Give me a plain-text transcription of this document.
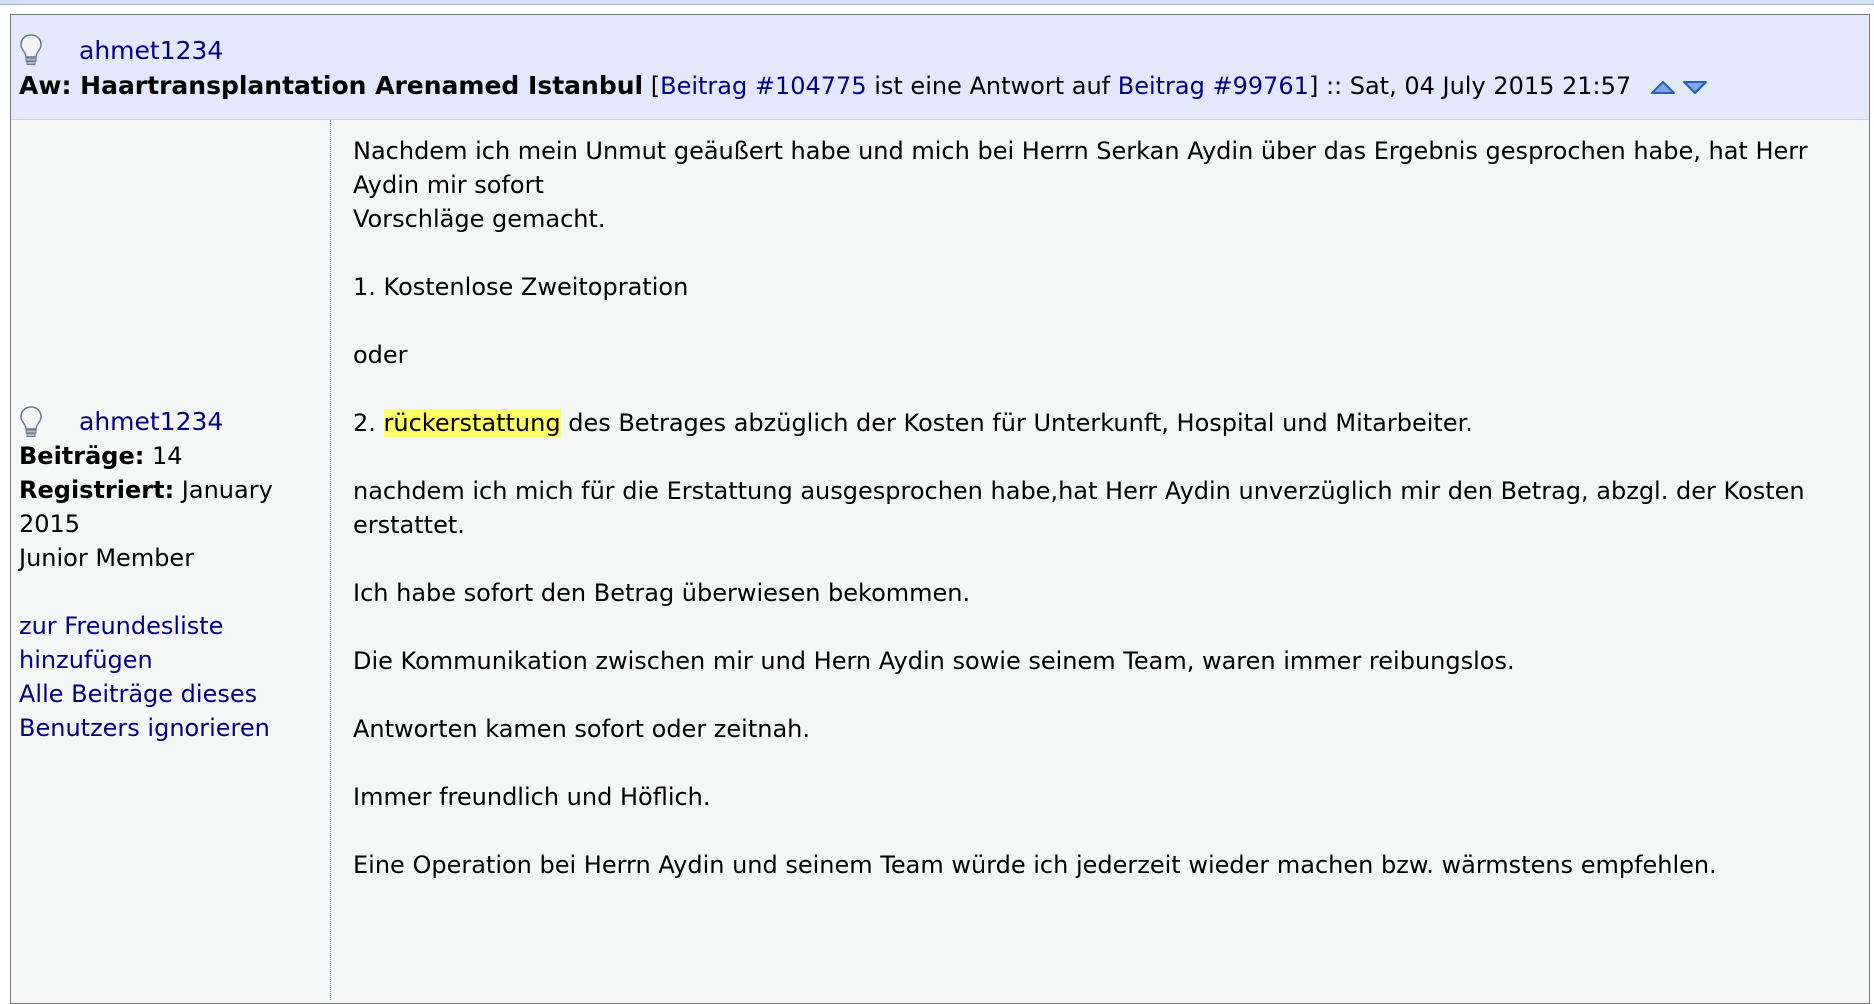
ahmet1234
Aw: Haartransplantation Arenamed Istanbul [Beitrag #104775 ist eine Antwort auf Beitrag #99761] :: Sat, 04 July 2015 21:57
ahmet1234
Beiträge: 14
Registriert: January 2015
Junior Member
zur Freundesliste hinzufügen
Alle Beiträge dieses Benutzers ignorieren

Nachdem ich mein Unmut geäußert habe und mich bei Herrn Serkan Aydin über das Ergebnis gesprochen habe, hat Herr Aydin mir sofort
Vorschläge gemacht.

1. Kostenlose Zweitopration

oder

2. rückerstattung des Betrages abzüglich der Kosten für Unterkunft, Hospital und Mitarbeiter.

nachdem ich mich für die Erstattung ausgesprochen habe,hat Herr Aydin unverzüglich mir den Betrag, abzgl. der Kosten erstattet.

Ich habe sofort den Betrag überwiesen bekommen.

Die Kommunikation zwischen mir und Hern Aydin sowie seinem Team, waren immer reibungslos.

Antworten kamen sofort oder zeitnah.

Immer freundlich und Höflich.

Eine Operation bei Herrn Aydin und seinem Team würde ich jederzeit wieder machen bzw. wärmstens empfehlen.
